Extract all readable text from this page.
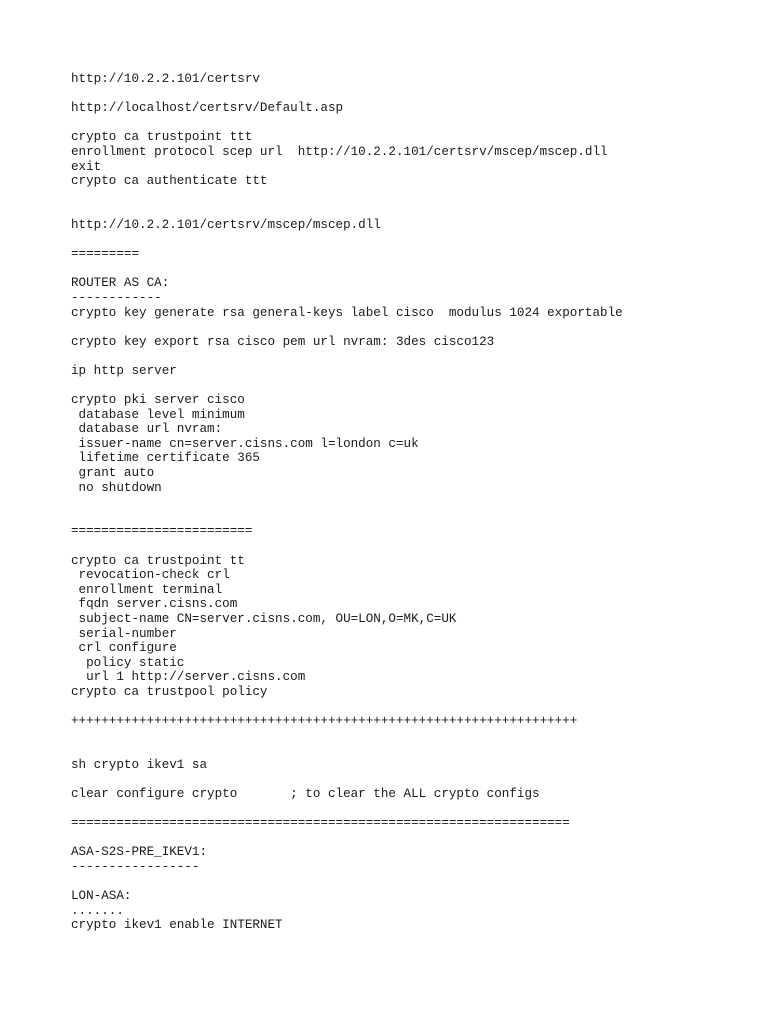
http://10.2.2.101/certsrv
http://localhost/certsrv/Default.asp
crypto ca trustpoint ttt
enrollment protocol scep url  http://10.2.2.101/certsrv/mscep/mscep.dll
exit
crypto ca authenticate ttt
http://10.2.2.101/certsrv/mscep/mscep.dll
=========
ROUTER AS CA:
------------
crypto key generate rsa general-keys label cisco  modulus 1024 exportable
crypto key export rsa cisco pem url nvram: 3des cisco123
ip http server
crypto pki server cisco
database level minimum
database url nvram:
issuer-name cn=server.cisns.com l=london c=uk
lifetime certificate 365
grant auto
no shutdown
========================
crypto ca trustpoint tt
revocation-check crl
enrollment terminal
fqdn server.cisns.com
subject-name CN=server.cisns.com, OU=LON,O=MK,C=UK
serial-number
crl configure
policy static
url 1 http://server.cisns.com
crypto ca trustpool policy
+++++++++++++++++++++++++++++++++++++++++++++++++++++++++++++++++++
sh crypto ikev1 sa
clear configure crypto       ; to clear the ALL crypto configs
==================================================================
ASA-S2S-PRE_IKEV1:
-----------------
LON-ASA:
.......
crypto ikev1 enable INTERNET
